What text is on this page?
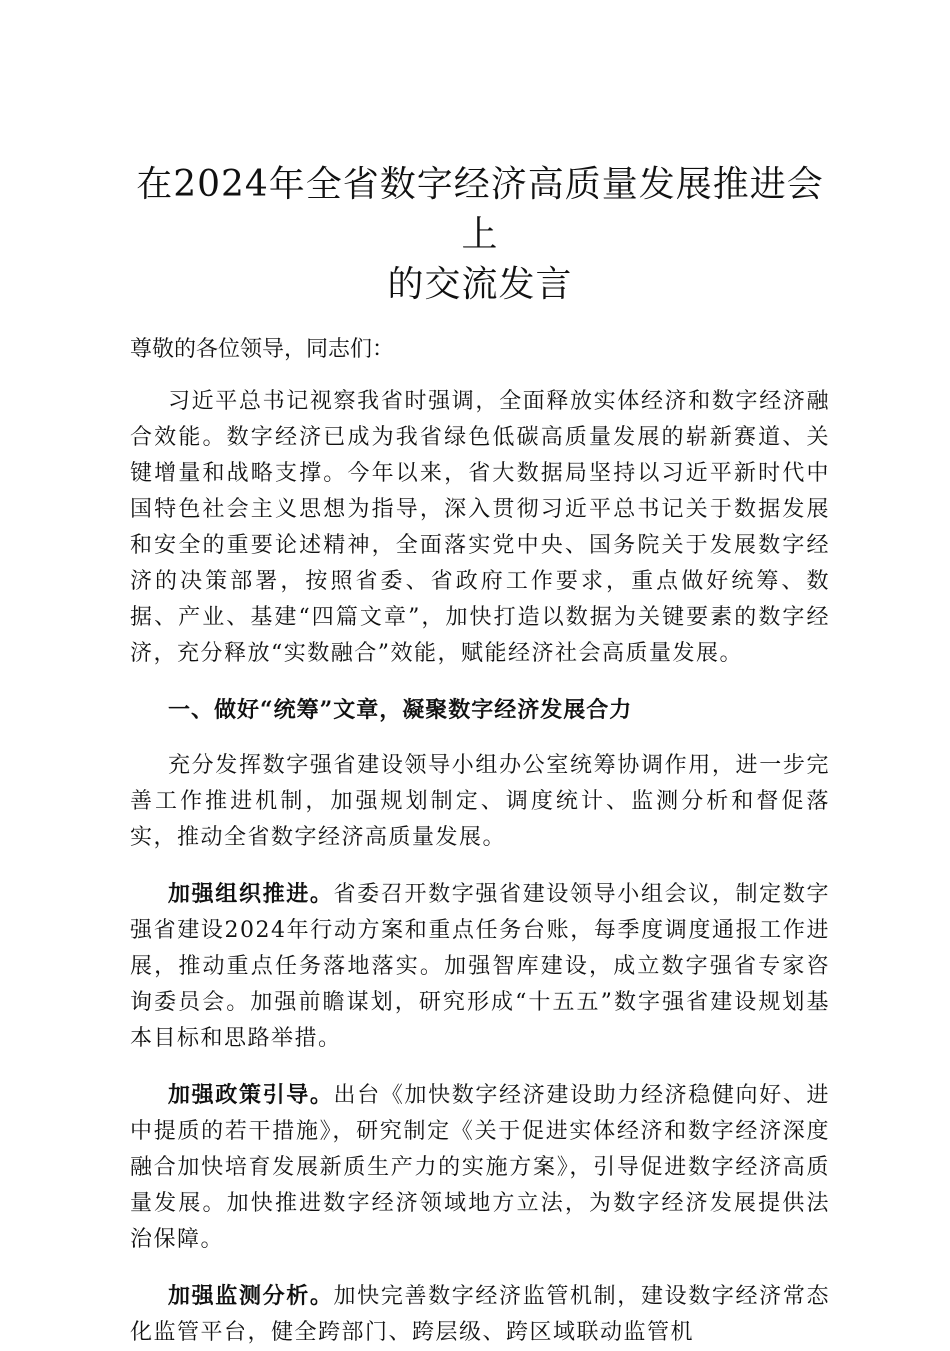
在2024年全省数字经济高质量发展推进会上
的交流发言

尊敬的各位领导，同志们：

习近平总书记视察我省时强调，全面释放实体经济和数字经济融合效能。数字经济已成为我省绿色低碳高质量发展的崭新赛道、关键增量和战略支撑。今年以来，省大数据局坚持以习近平新时代中国特色社会主义思想为指导，深入贯彻习近平总书记关于数据发展和安全的重要论述精神，全面落实党中央、国务院关于发展数字经济的决策部署，按照省委、省政府工作要求，重点做好统筹、数据、产业、基建“四篇文章”，加快打造以数据为关键要素的数字经济，充分释放“实数融合”效能，赋能经济社会高质量发展。

一、做好“统筹”文章，凝聚数字经济发展合力

充分发挥数字强省建设领导小组办公室统筹协调作用，进一步完善工作推进机制，加强规划制定、调度统计、监测分析和督促落实，推动全省数字经济高质量发展。

加强组织推进。省委召开数字强省建设领导小组会议，制定数字强省建设2024年行动方案和重点任务台账，每季度调度通报工作进展，推动重点任务落地落实。加强智库建设，成立数字强省专家咨询委员会。加强前瞻谋划，研究形成“十五五”数字强省建设规划基本目标和思路举措。

加强政策引导。出台《加快数字经济建设助力经济稳健向好、进中提质的若干措施》，研究制定《关于促进实体经济和数字经济深度融合加快培育发展新质生产力的实施方案》，引导促进数字经济高质量发展。加快推进数字经济领域地方立法，为数字经济发展提供法治保障。

加强监测分析。加快完善数字经济监管机制，建设数字经济常态化监管平台，健全跨部门、跨层级、跨区域联动监管机
